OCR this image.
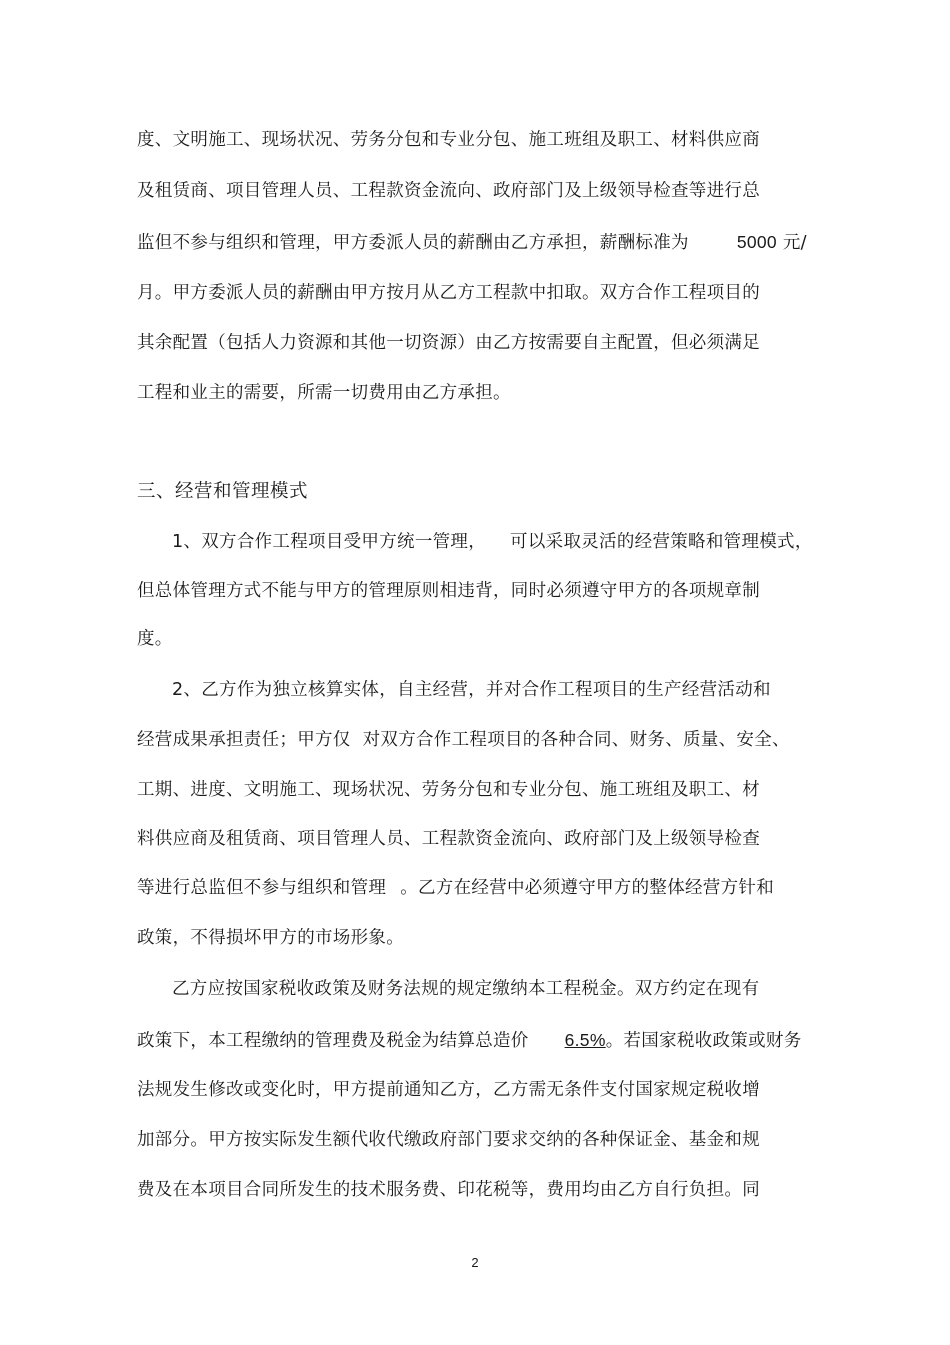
度、文明施工、现场状况、劳务分包和专业分包、施工班组及职工、材料供应商
及租赁商、项目管理人员、工程款资金流向、政府部门及上级领导检查等进行总
监但不参与组织和管理，甲方委派人员的薪酬由乙方承担，薪酬标准为	5000 元/
月。甲方委派人员的薪酬由甲方按月从乙方工程款中扣取。双方合作工程项目的
其余配置（包括人力资源和其他一切资源）由乙方按需要自主配置，但必须满足
工程和业主的需要，所需一切费用由乙方承担。
三、经营和管理模式
1、双方合作工程项目受甲方统一管理， 可以采取灵活的经营策略和管理模式，
但总体管理方式不能与甲方的管理原则相违背，同时必须遵守甲方的各项规章制
度。
2、乙方作为独立核算实体，自主经营，并对合作工程项目的生产经营活动和
经营成果承担责任；甲方仅 对双方合作工程项目的各种合同、财务、质量、安全、
工期、进度、文明施工、现场状况、劳务分包和专业分包、施工班组及职工、材
料供应商及租赁商、项目管理人员、工程款资金流向、政府部门及上级领导检查
等进行总监但不参与组织和管理 。乙方在经营中必须遵守甲方的整体经营方针和
政策，不得损坏甲方的市场形象。
乙方应按国家税收政策及财务法规的规定缴纳本工程税金。双方约定在现有
政策下，本工程缴纳的管理费及税金为结算总造价 6.5%。若国家税收政策或财务
法规发生修改或变化时，甲方提前通知乙方，乙方需无条件支付国家规定税收增
加部分。甲方按实际发生额代收代缴政府部门要求交纳的各种保证金、基金和规
费及在本项目合同所发生的技术服务费、印花税等，费用均由乙方自行负担。同
2
